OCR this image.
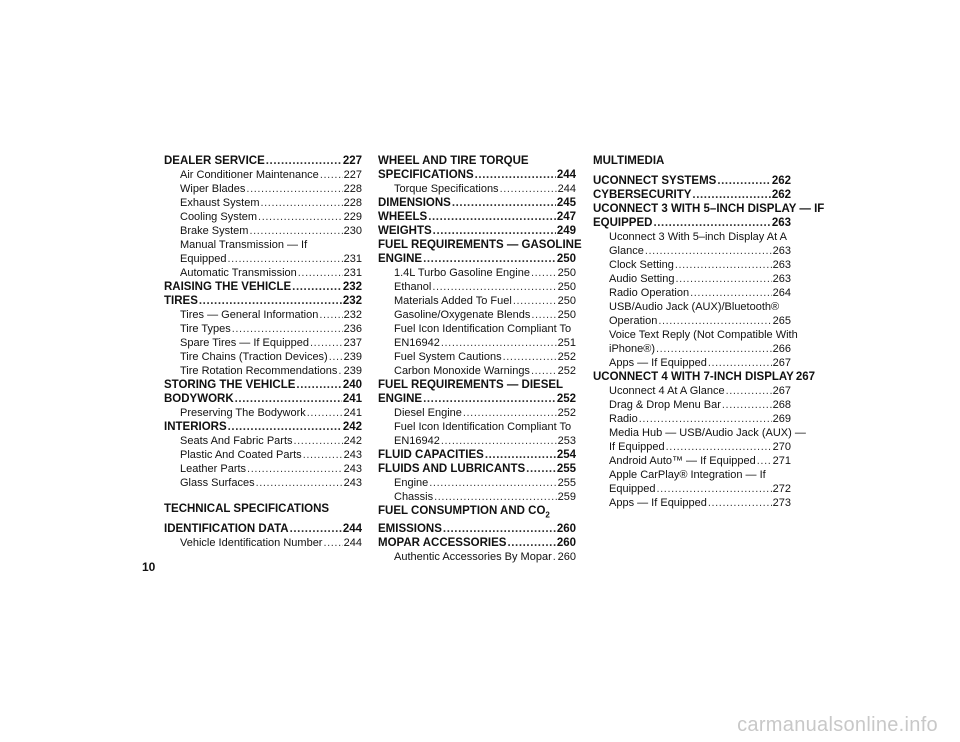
DEALER SERVICE .....	227
Air Conditioner Maintenance ..... 227
Wiper Blades .....	228
Exhaust System .....	228
Cooling System .....	229
Brake System .....	230
Manual Transmission — If
Equipped .....	231
Automatic Transmission .....	231
RAISING THE VEHICLE .....	232
TIRES .....	232
Tires — General Information ..... 232
Tire Types .....	236
Spare Tires — If Equipped .....	237
Tire Chains (Traction Devices) ..... 239
Tire Rotation Recommendations ..... 239
STORING THE VEHICLE .....	240
BODYWORK .....	241
Preserving The Bodywork .....	241
INTERIORS .....	242
Seats And Fabric Parts .....	242
Plastic And Coated Parts .....	243
Leather Parts .....	243
Glass Surfaces .....	243
TECHNICAL SPECIFICATIONS
IDENTIFICATION DATA .....	244
Vehicle Identification Number ..... 244
WHEEL AND TIRE TORQUE
SPECIFICATIONS .....	244
Torque Specifications .....	244
DIMENSIONS .....	245
WHEELS .....	247
WEIGHTS .....	249
FUEL REQUIREMENTS — GASOLINE
ENGINE .....	250
1.4L Turbo Gasoline Engine .....	250
Ethanol .....	250
Materials Added To Fuel .....	250
Gasoline/Oxygenate Blends ..... 250
Fuel Icon Identification Compliant To
EN16942 .....	251
Fuel System Cautions .....	252
Carbon Monoxide Warnings .....	252
FUEL REQUIREMENTS — DIESEL
ENGINE .....	252
Diesel Engine .....	252
Fuel Icon Identification Compliant To
EN16942 .....	253
FLUID CAPACITIES .....	254
FLUIDS AND LUBRICANTS .....	255
Engine .....	255
Chassis .....	259
FUEL CONSUMPTION AND $CO_2$
EMISSIONS .....	260
MOPAR ACCESSORIES .....	260
Authentic Accessories By Mopar ..... 260
MULTIMEDIA
UCONNECT SYSTEMS .....	262
CYBERSECURITY .....	262
UCONNECT 3 WITH 5–INCH DISPLAY — IF
EQUIPPED .....	263
Uconnect 3 With 5–inch Display At A
Glance .....	263
Clock Setting .....	263
Audio Setting .....	263
Radio Operation .....	264
USB/Audio Jack (AUX)/Bluetooth®
Operation .....	265
Voice Text Reply (Not Compatible With
iPhone®) .....	266
Apps — If Equipped .....	267
UCONNECT 4 WITH 7-INCH DISPLAY 267
Uconnect 4 At A Glance .....	267
Drag & Drop Menu Bar .....	268
Radio .....	269
Media Hub — USB/Audio Jack (AUX) —
If Equipped .....	270
Android Auto™ — If Equipped ..... 271
Apple CarPlay® Integration — If
Equipped .....	272
Apps — If Equipped .....	273
10
carmanualsonline.info
